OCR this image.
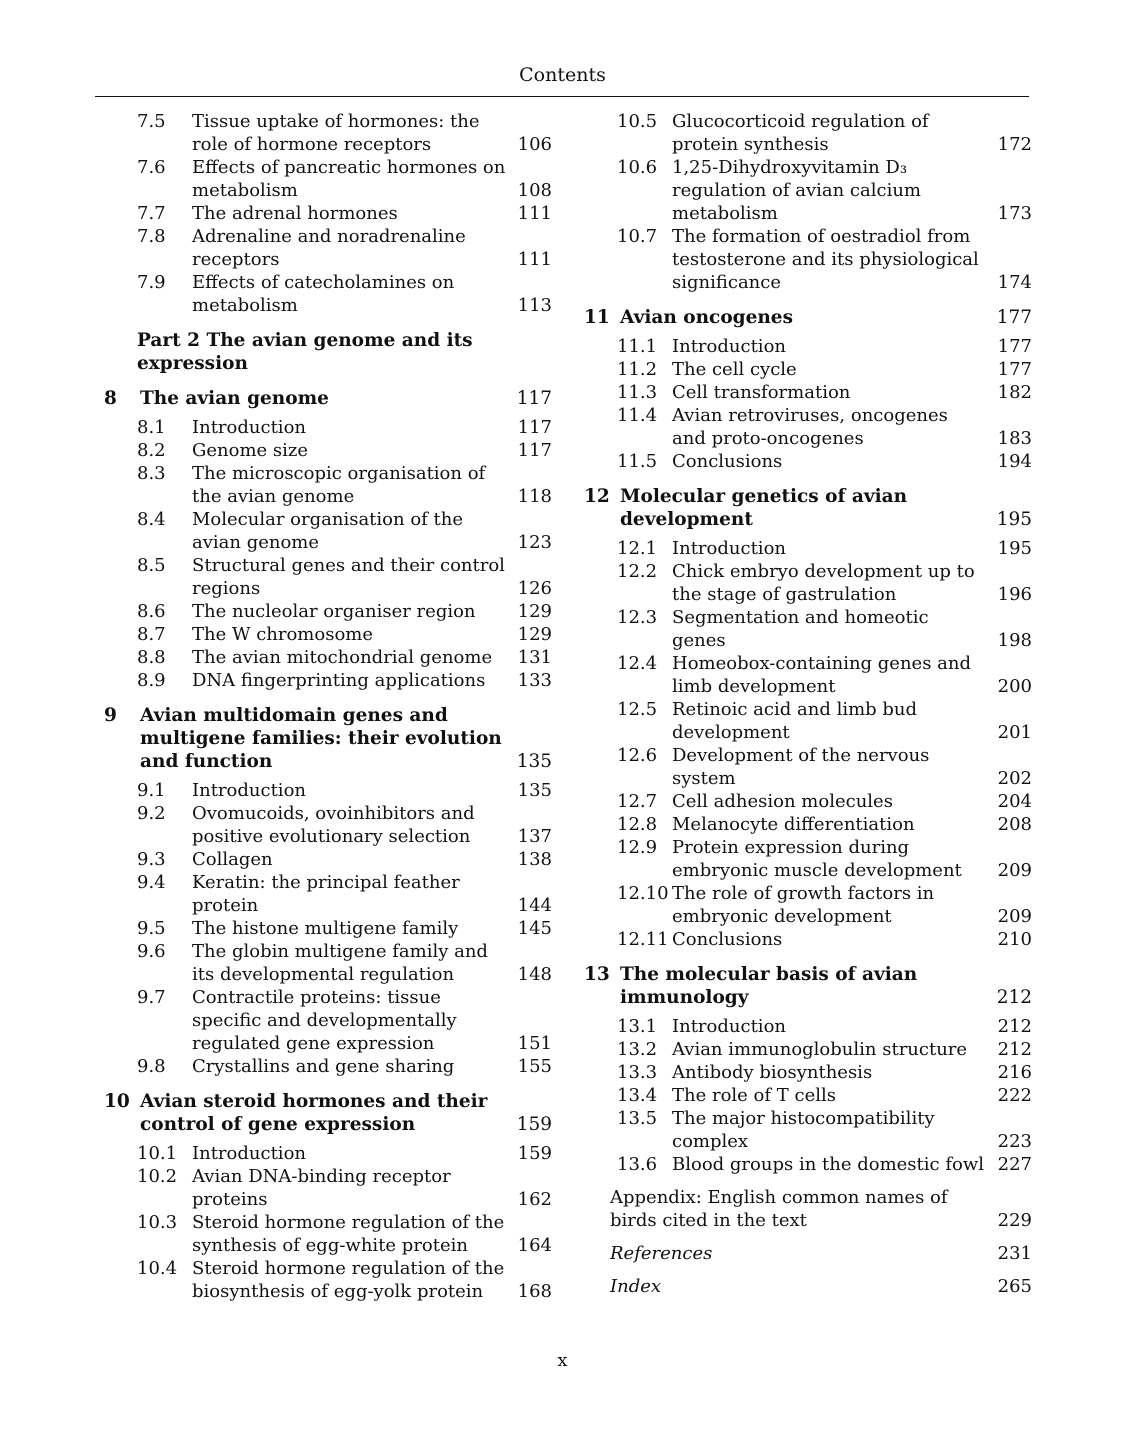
Contents
7.5	Tissue uptake of hormones: the role of hormone receptors	106
7.6	Effects of pancreatic hormones on metabolism	108
7.7	The adrenal hormones	111
7.8	Adrenaline and noradrenaline receptors	111
7.9	Effects of catecholamines on metabolism	113
Part 2 The avian genome and its expression
8	The avian genome	117
8.1	Introduction	117
8.2	Genome size	117
8.3	The microscopic organisation of the avian genome	118
8.4	Molecular organisation of the avian genome	123
8.5	Structural genes and their control regions	126
8.6	The nucleolar organiser region	129
8.7	The W chromosome	129
8.8	The avian mitochondrial genome	131
8.9	DNA fingerprinting applications	133
9	Avian multidomain genes and multigene families: their evolution and function	135
9.1	Introduction	135
9.2	Ovomucoids, ovoinhibitors and positive evolutionary selection	137
9.3	Collagen	138
9.4	Keratin: the principal feather protein	144
9.5	The histone multigene family	145
9.6	The globin multigene family and its developmental regulation	148
9.7	Contractile proteins: tissue specific and developmentally regulated gene expression	151
9.8	Crystallins and gene sharing	155
10 Avian steroid hormones and their control of gene expression	159
10.1 Introduction	159
10.2 Avian DNA-binding receptor proteins	162
10.3 Steroid hormone regulation of the synthesis of egg-white protein	164
10.4 Steroid hormone regulation of the biosynthesis of egg-yolk protein	168
10.5 Glucocorticoid regulation of protein synthesis	172
10.6 1,25-Dihydroxyvitamin D₃ regulation of avian calcium metabolism	173
10.7 The formation of oestradiol from testosterone and its physiological significance	174
11 Avian oncogenes	177
11.1 Introduction	177
11.2 The cell cycle	177
11.3 Cell transformation	182
11.4 Avian retroviruses, oncogenes and proto-oncogenes	183
11.5 Conclusions	194
12 Molecular genetics of avian development	195
12.1 Introduction	195
12.2 Chick embryo development up to the stage of gastrulation	196
12.3 Segmentation and homeotic genes	198
12.4 Homeobox-containing genes and limb development	200
12.5 Retinoic acid and limb bud development	201
12.6 Development of the nervous system	202
12.7 Cell adhesion molecules	204
12.8 Melanocyte differentiation	208
12.9 Protein expression during embryonic muscle development	209
12.10 The role of growth factors in embryonic development	209
12.11 Conclusions	210
13 The molecular basis of avian immunology	212
13.1 Introduction	212
13.2 Avian immunoglobulin structure	212
13.3 Antibody biosynthesis	216
13.4 The role of T cells	222
13.5 The major histocompatibility complex	223
13.6 Blood groups in the domestic fowl 227
Appendix: English common names of birds cited in the text	229
References	231
Index	265
x
